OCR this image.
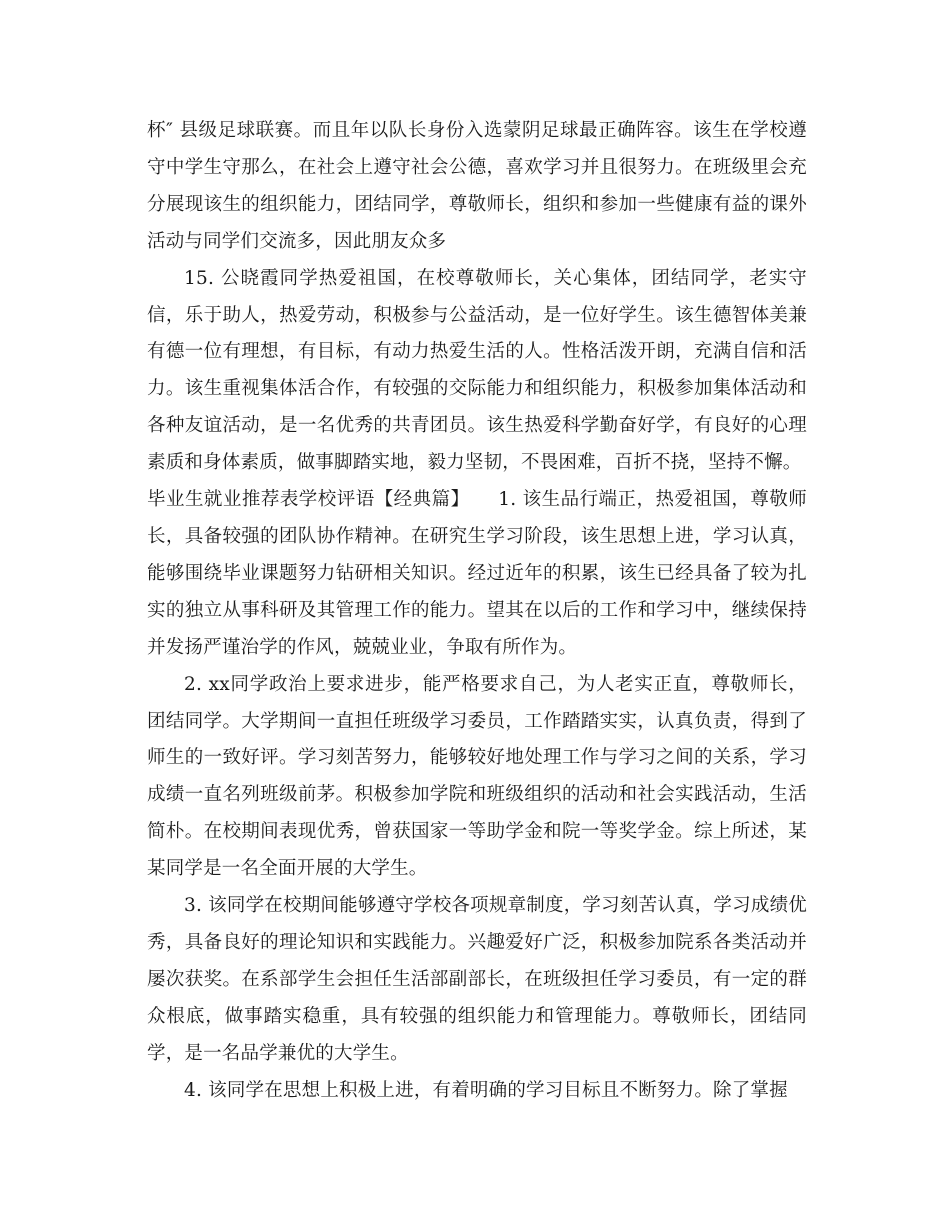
杯″ 县级足球联赛。而且年以队长身份入选蒙阴足球最正确阵容。该生在学校遵守中学生守那么，在社会上遵守社会公德，喜欢学习并且很努力。在班级里会充分展现该生的组织能力，团结同学，尊敬师长，组织和参加一些健康有益的课外活动与同学们交流多，因此朋友众多

15. 公晓霞同学热爱祖国，在校尊敬师长，关心集体，团结同学，老实守信，乐于助人，热爱劳动，积极参与公益活动，是一位好学生。该生德智体美兼有德一位有理想，有目标，有动力热爱生活的人。性格活泼开朗，充满自信和活力。该生重视集体活合作，有较强的交际能力和组织能力，积极参加集体活动和各种友谊活动，是一名优秀的共青团员。该生热爱科学勤奋好学，有良好的心理素质和身体素质，做事脚踏实地，毅力坚韧，不畏困难，百折不挠，坚持不懈。

毕业生就业推荐表学校评语【经典篇】　　1. 该生品行端正，热爱祖国，尊敬师长，具备较强的团队协作精神。在研究生学习阶段，该生思想上进，学习认真，能够围绕毕业课题努力钻研相关知识。经过近年的积累，该生已经具备了较为扎实的独立从事科研及其管理工作的能力。望其在以后的工作和学习中，继续保持并发扬严谨治学的作风，兢兢业业，争取有所作为。

2. xx同学政治上要求进步，能严格要求自己，为人老实正直，尊敬师长，团结同学。大学期间一直担任班级学习委员，工作踏踏实实，认真负责，得到了师生的一致好评。学习刻苦努力，能够较好地处理工作与学习之间的关系，学习成绩一直名列班级前茅。积极参加学院和班级组织的活动和社会实践活动，生活简朴。在校期间表现优秀，曾获国家一等助学金和院一等奖学金。综上所述，某某同学是一名全面开展的大学生。

3. 该同学在校期间能够遵守学校各项规章制度，学习刻苦认真，学习成绩优秀，具备良好的理论知识和实践能力。兴趣爱好广泛，积极参加院系各类活动并屡次获奖。在系部学生会担任生活部副部长，在班级担任学习委员，有一定的群众根底，做事踏实稳重，具有较强的组织能力和管理能力。尊敬师长，团结同学，是一名品学兼优的大学生。

4. 该同学在思想上积极上进，有着明确的学习目标且不断努力。除了掌握
